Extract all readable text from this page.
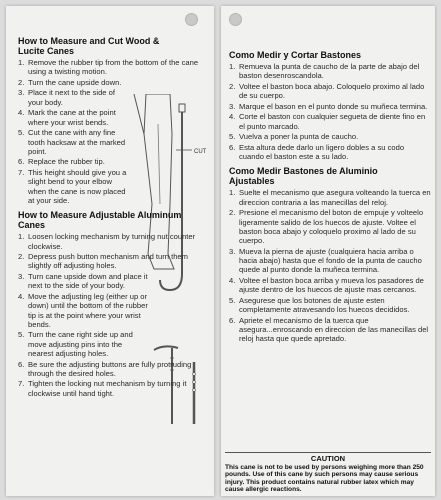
CUT
How to Measure and Cut Wood & Lucite Canes
1. Remove the rubber tip from the bottom of the cane using a twisting motion.
2. Turn the cane upside down.
3. Place it next to the side of your body.
4. Mark the cane at the point where your wrist bends.
5. Cut the cane with any fine tooth hacksaw at the marked point.
6. Replace the rubber tip.
7. This height should give you a slight bend to your elbow when the cane is now placed at your side.
How to Measure Adjustable Aluminum Canes
1. Loosen locking mechanism by turning nut counter clockwise.
2. Depress push button mechanism and turn them slightly off adjusting holes.
3. Turn cane upside down and place it next to the side of your body.
4. Move the adjusting leg (either up or down) until the bottom of the rubber tip is at the point where your wrist bends.
5. Turn the cane right side up and move adjusting pins into the nearest adjusting holes.
6. Be sure the adjusting buttons are fully protruding through the desired holes.
7. Tighten the locking nut mechanism by turning it clockwise until hand tight.
Como Medir y Cortar Bastones
1. Remueva la punta de caucho de la parte de abajo del baston desenroscandola.
2. Voltee el baston boca abajo. Coloquelo proximo al lado de su cuerpo.
3. Marque el bason en el punto donde su muñeca termina.
4. Corte el baston con cualquier segueta de diente fino en el punto marcado.
5. Vuelva a poner la punta de caucho.
6. Esta altura dede darlo un ligero dobles a su codo cuando el baston este a su lado.
Como Medir Bastones de Aluminio Ajustables
1. Suelte el mecanismo que asegura volteando la tuerca en direccion contraria a las manecillas del reloj.
2. Presione el mecanismo del boton de empuje y volteelo ligeramente salido de los huecos de ajuste. Voltee el baston boca abajo y coloquelo proximo al lado de su cuerpo.
3. Mueva la pierna de ajuste (cualquiera hacia arriba o hacia abajo) hasta que el fondo de la punta de caucho quede al punto donde la muñeca termina.
4. Voltee el baston boca arriba y mueva los pasadores de ajuste dentro de los huecos de ajuste mas cercanos.
5. Asegurese que los botones de ajuste esten completamente atravesando los huecos decididos.
6. Apriete el mecanismo de la tuerca que asegura...enroscando en direccion de las manecillas del reloj hasta que quede apretado.
CAUTION
This cane is not to be used by persons weighing more than 250 pounds. Use of this cane by such persons may cause serious injury. This product contains natural rubber latex which may cause allergic reactions.
